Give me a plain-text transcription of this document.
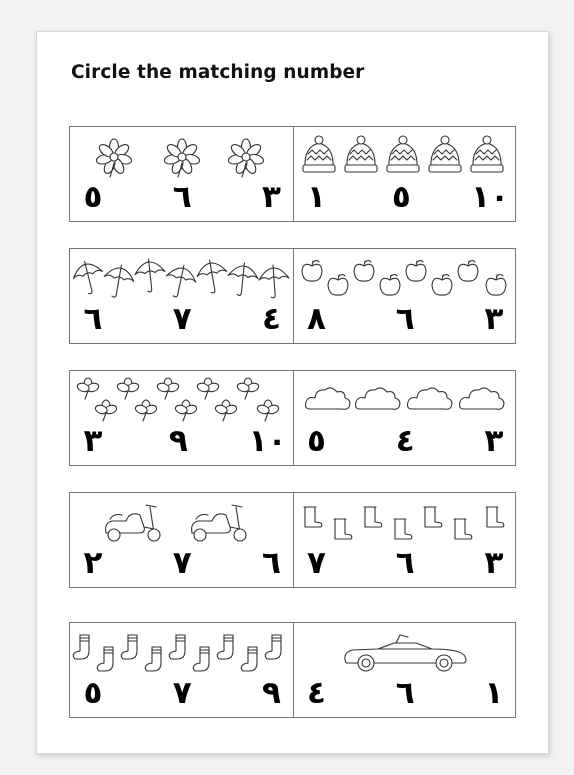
Circle the matching number
٣
٦
٥	١٠
٥
١
٤
٧
٦	٣
٦
٨
١٠
٩
٣	٣
٤
٥
٦
٧
٢	٣
٦
٧
٩
٧
٥	١
٦
٤
